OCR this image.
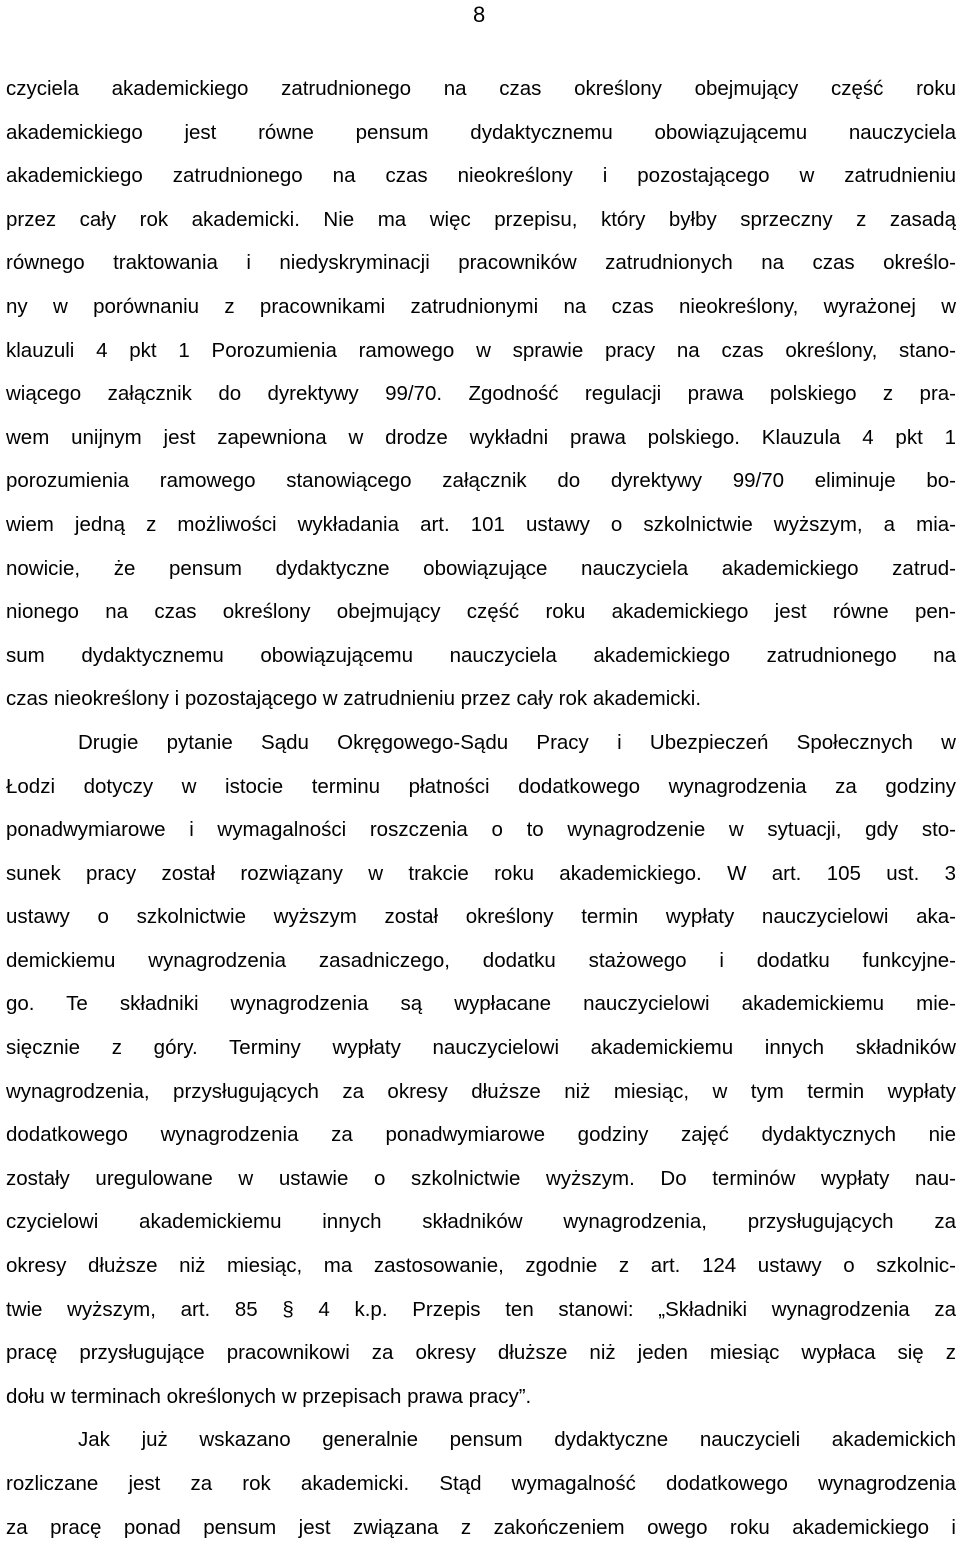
8
czyciela akademickiego zatrudnionego na czas określony obejmujący część roku
akademickiego jest równe pensum dydaktycznemu obowiązującemu nauczyciela
akademickiego zatrudnionego na czas nieokreślony i pozostającego w zatrudnieniu
przez cały rok akademicki. Nie ma więc przepisu, który byłby sprzeczny z zasadą
równego traktowania i niedyskryminacji pracowników zatrudnionych na czas określo-
ny w porównaniu z pracownikami zatrudnionymi na czas nieokreślony, wyrażonej w
klauzuli 4 pkt 1 Porozumienia ramowego w sprawie pracy na czas określony, stano-
wiącego załącznik do dyrektywy 99/70. Zgodność regulacji prawa polskiego z pra-
wem unijnym jest zapewniona w drodze wykładni prawa polskiego. Klauzula 4 pkt 1
porozumienia ramowego stanowiącego załącznik do dyrektywy 99/70 eliminuje bo-
wiem jedną z możliwości wykładania art. 101 ustawy o szkolnictwie wyższym, a mia-
nowicie, że pensum dydaktyczne obowiązujące nauczyciela akademickiego zatrud-
nionego na czas określony obejmujący część roku akademickiego jest równe pen-
sum dydaktycznemu obowiązującemu nauczyciela akademickiego zatrudnionego na
czas nieokreślony i pozostającego w zatrudnieniu przez cały rok akademicki.
Drugie pytanie Sądu Okręgowego-Sądu Pracy i Ubezpieczeń Społecznych w
Łodzi dotyczy w istocie terminu płatności dodatkowego wynagrodzenia za godziny
ponadwymiarowe i wymagalności roszczenia o to wynagrodzenie w sytuacji, gdy sto-
sunek pracy został rozwiązany w trakcie roku akademickiego. W art. 105 ust. 3
ustawy o szkolnictwie wyższym został określony termin wypłaty nauczycielowi aka-
demickiemu wynagrodzenia zasadniczego, dodatku stażowego i dodatku funkcyjne-
go. Te składniki wynagrodzenia są wypłacane nauczycielowi akademickiemu mie-
sięcznie z góry. Terminy wypłaty nauczycielowi akademickiemu innych składników
wynagrodzenia, przysługujących za okresy dłuższe niż miesiąc, w tym termin wypłaty
dodatkowego wynagrodzenia za ponadwymiarowe godziny zajęć dydaktycznych nie
zostały uregulowane w ustawie o szkolnictwie wyższym. Do terminów wypłaty nau-
czycielowi akademickiemu innych składników wynagrodzenia, przysługujących za
okresy dłuższe niż miesiąc, ma zastosowanie, zgodnie z art. 124 ustawy o szkolnic-
twie wyższym, art. 85 § 4 k.p. Przepis ten stanowi: „Składniki wynagrodzenia za
pracę przysługujące pracownikowi za okresy dłuższe niż jeden miesiąc wypłaca się z
dołu w terminach określonych w przepisach prawa pracy”.
Jak już wskazano generalnie pensum dydaktyczne nauczycieli akademickich
rozliczane jest za rok akademicki. Stąd wymagalność dodatkowego wynagrodzenia
za pracę ponad pensum jest związana z zakończeniem owego roku akademickiego i
